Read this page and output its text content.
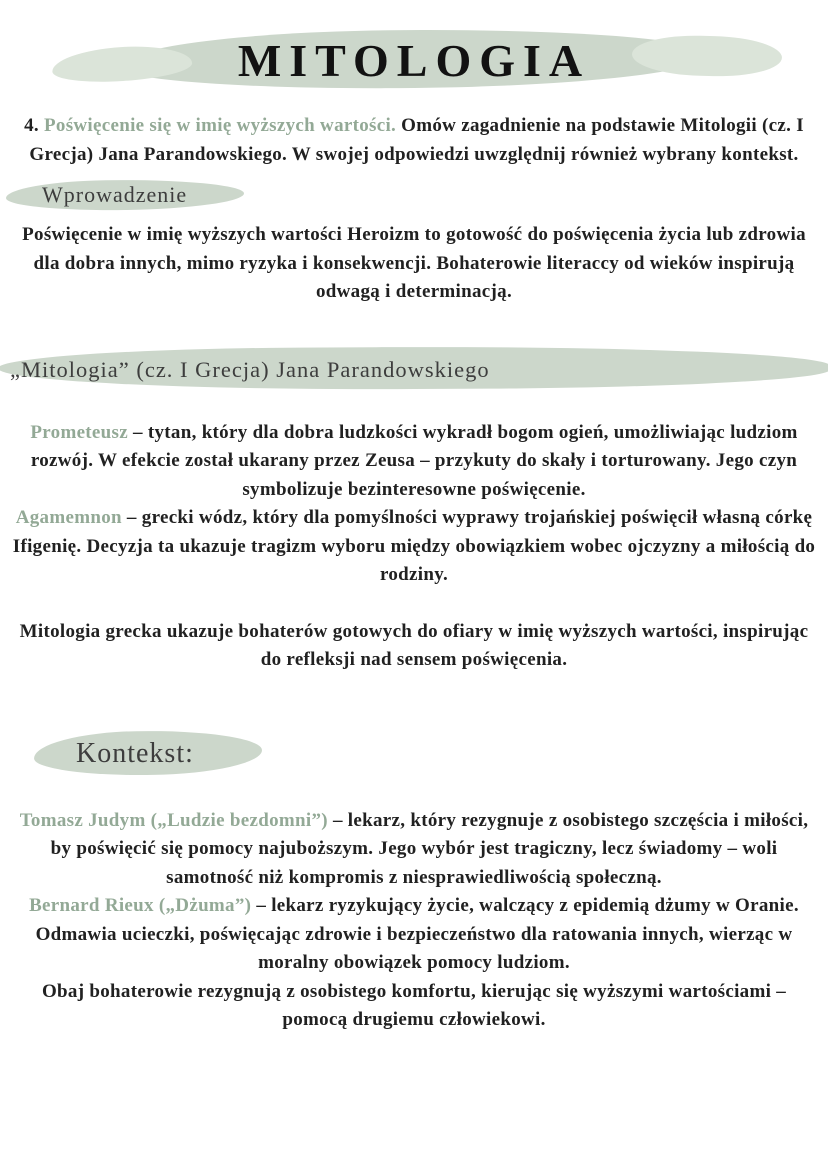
MITOLOGIA

4. Poświęcenie się w imię wyższych wartości. Omów zagadnienie na podstawie Mitologii (cz. I Grecja) Jana Parandowskiego. W swojej odpowiedzi uwzględnij również wybrany kontekst.

Wprowadzenie

Poświęcenie w imię wyższych wartości Heroizm to gotowość do poświęcenia życia lub zdrowia dla dobra innych, mimo ryzyka i konsekwencji. Bohaterowie literaccy od wieków inspirują odwagą i determinacją.

„Mitologia” (cz. I Grecja) Jana Parandowskiego

Prometeusz – tytan, który dla dobra ludzkości wykradł bogom ogień, umożliwiając ludziom rozwój. W efekcie został ukarany przez Zeusa – przykuty do skały i torturowany. Jego czyn symbolizuje bezinteresowne poświęcenie.

Agamemnon – grecki wódz, który dla pomyślności wyprawy trojańskiej poświęcił własną córkę Ifigenię. Decyzja ta ukazuje tragizm wyboru między obowiązkiem wobec ojczyzny a miłością do rodziny.

Mitologia grecka ukazuje bohaterów gotowych do ofiary w imię wyższych wartości, inspirując do refleksji nad sensem poświęcenia.

Kontekst:

Tomasz Judym („Ludzie bezdomni”) – lekarz, który rezygnuje z osobistego szczęścia i miłości, by poświęcić się pomocy najuboższym. Jego wybór jest tragiczny, lecz świadomy – woli samotność niż kompromis z niesprawiedliwością społeczną.

Bernard Rieux („Dżuma”) – lekarz ryzykujący życie, walczący z epidemią dżumy w Oranie. Odmawia ucieczki, poświęcając zdrowie i bezpieczeństwo dla ratowania innych, wierząc w moralny obowiązek pomocy ludziom.

Obaj bohaterowie rezygnują z osobistego komfortu, kierując się wyższymi wartościami – pomocą drugiemu człowiekowi.
